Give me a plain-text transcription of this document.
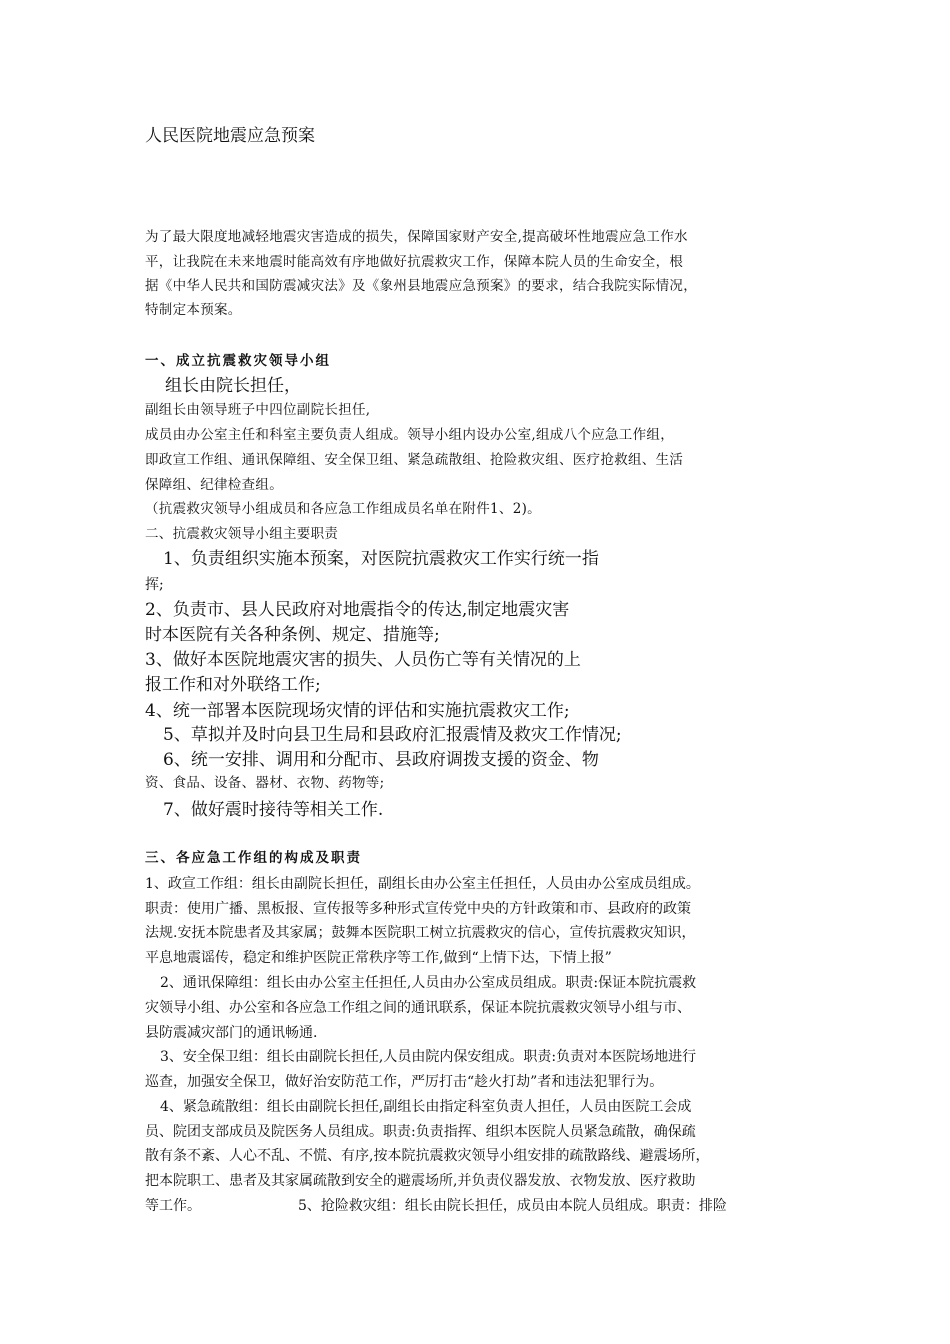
人民医院地震应急预案
为了最大限度地减轻地震灾害造成的损失，保障国家财产安全,提高破坏性地震应急工作水
平，让我院在未来地震时能高效有序地做好抗震救灾工作，保障本院人员的生命安全，根
据《中华人民共和国防震减灾法》及《象州县地震应急预案》的要求，结合我院实际情况，
特制定本预案。
一、成立抗震救灾领导小组
组长由院长担任，
副组长由领导班子中四位副院长担任,
成员由办公室主任和科室主要负责人组成。领导小组内设办公室,组成八个应急工作组，
即政宣工作组、通讯保障组、安全保卫组、紧急疏散组、抢险救灾组、医疗抢救组、生活
保障组、纪律检查组。
（抗震救灾领导小组成员和各应急工作组成员名单在附件1、2)。
二、抗震救灾领导小组主要职责
1、负责组织实施本预案，对医院抗震救灾工作实行统一指
挥;
2、负责市、县人民政府对地震指令的传达,制定地震灾害
时本医院有关各种条例、规定、措施等;
3、做好本医院地震灾害的损失、人员伤亡等有关情况的上
报工作和对外联络工作;
4、统一部署本医院现场灾情的评估和实施抗震救灾工作;
5、草拟并及时向县卫生局和县政府汇报震情及救灾工作情况;
6、统一安排、调用和分配市、县政府调拨支援的资金、物
资、食品、设备、器材、衣物、药物等;
7、做好震时接待等相关工作.
三、各应急工作组的构成及职责
1、政宣工作组：组长由副院长担任，副组长由办公室主任担任，人员由办公室成员组成。
职责：使用广播、黑板报、宣传报等多种形式宣传党中央的方针政策和市、县政府的政策
法规.安抚本院患者及其家属；鼓舞本医院职工树立抗震救灾的信心，宣传抗震救灾知识，
平息地震谣传，稳定和维护医院正常秩序等工作,做到“上情下达，下情上报”
2、通讯保障组：组长由办公室主任担任,人员由办公室成员组成。职责:保证本院抗震救
灾领导小组、办公室和各应急工作组之间的通讯联系，保证本院抗震救灾领导小组与市、
县防震减灾部门的通讯畅通.
3、安全保卫组：组长由副院长担任,人员由院内保安组成。职责:负责对本医院场地进行
巡查，加强安全保卫，做好治安防范工作，严厉打击“趁火打劫”者和违法犯罪行为。
4、紧急疏散组：组长由副院长担任,副组长由指定科室负责人担任，人员由医院工会成
员、院团支部成员及院医务人员组成。职责:负责指挥、组织本医院人员紧急疏散，确保疏
散有条不紊、人心不乱、不慌、有序,按本院抗震救灾领导小组安排的疏散路线、避震场所，
把本院职工、患者及其家属疏散到安全的避震场所,并负责仪器发放、衣物发放、医疗救助
等工作。	5、抢险救灾组：组长由院长担任，成员由本院人员组成。职责：排险
